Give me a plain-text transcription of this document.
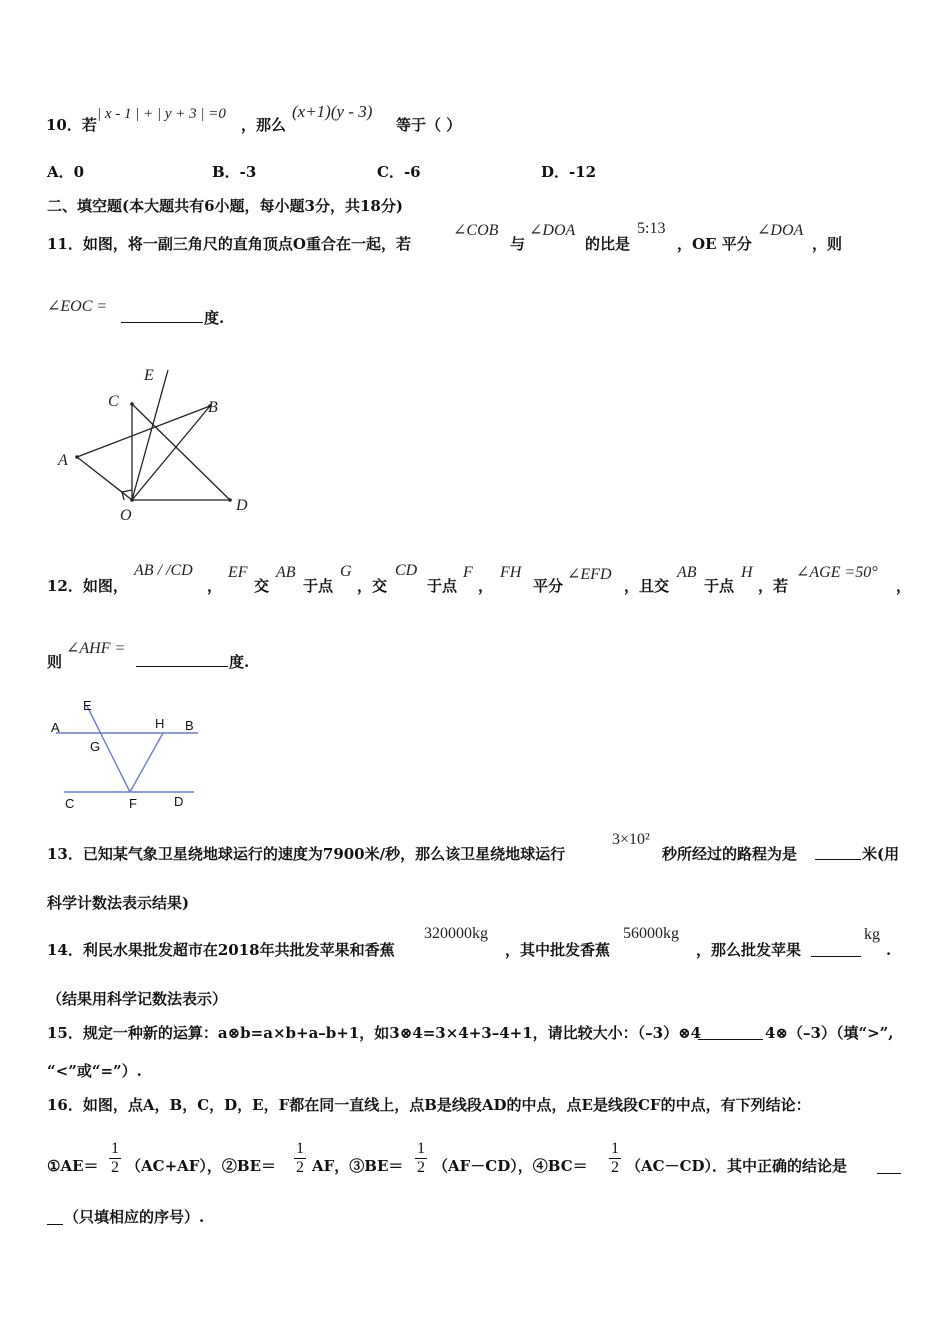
10．若
| x - 1 | + | y + 3 | =0
，那么
(x+1)(y - 3)
等于（ ）
A．0	B．-3	C．-6	D．-12
二、填空题(本大题共有6小题，每小题3分，共18分)
11．如图，将一副三角尺的直角顶点O重合在一起，若
∠COB
与
∠DOA
的比是
5:13
，OE 平分
∠DOA
，则
∠EOC =
度.
E
C	B
A
O
D
12．如图，
AB / /CD
，
EF
交
AB
于点
G
，交
CD
于点
F
，
FH
平分
∠EFD
，且交
AB
于点
H
，若
∠AGE =50°
，
则
∠AHF =
度.
E
A
G
H B
C	F	D
13．已知某气象卫星绕地球运行的速度为7900米/秒，那么该卫星绕地球运行
3×10²
秒所经过的路程为是	米(用
科学计数法表示结果)
14．利民水果批发超市在2018年共批发苹果和香蕉
320000kg
，其中批发香蕉
56000kg
，那么批发苹果
kg
.
（结果用科学记数法表示）
15．规定一种新的运算：a⊗b=a×b+a–b+1，如3⊗4=3×4+3–4+1，请比较大小：（–3）⊗4	4⊗（–3）（填“>”,
“<”或“=”）.
16．如图，点A，B，C，D，E，F都在同一直线上，点B是线段AD的中点，点E是线段CF的中点，有下列结论：
①AE＝ $\frac{1}{2} (AC+AF)$，②BE＝ $\frac{1}{2}$ AF，③BE＝ $\frac{1}{2} (AF-CD)$，④BC＝ $\frac{1}{2} (AC-CD)$．其中正确的结论是
（只填相应的序号）.
